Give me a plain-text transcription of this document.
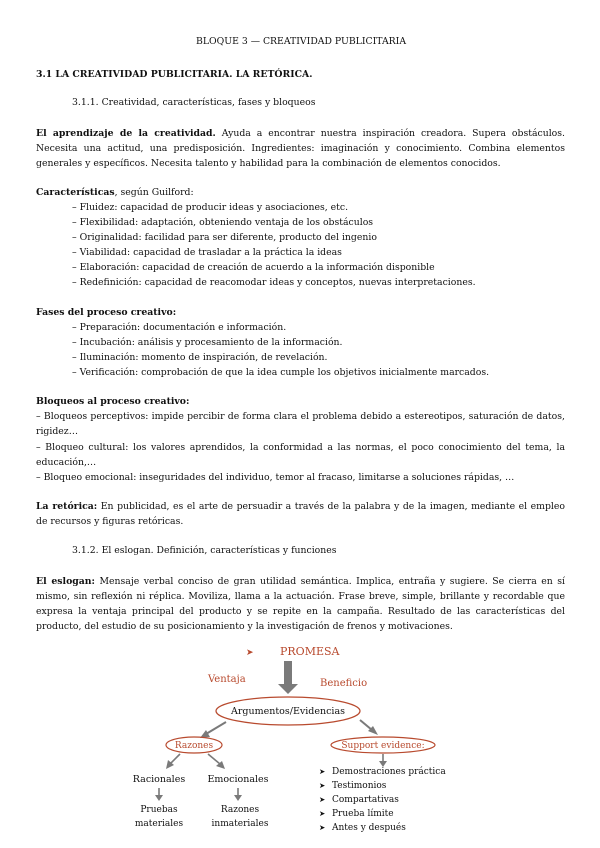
BLOQUE 3 — CREATIVIDAD PUBLICITARIA
3.1 LA CREATIVIDAD PUBLICITARIA. LA RETÓRICA.
3.1.1. Creatividad, características, fases y bloqueos
El aprendizaje de la creatividad. Ayuda a encontrar nuestra inspiración creadora. Supera obstáculos. Necesita una actitud, una predisposición. Ingredientes: imaginación y conocimiento. Combina elementos generales y específicos. Necesita talento y habilidad para la combinación de elementos conocidos.
Características, según Guilford:
– Fluidez: capacidad de producir ideas y asociaciones, etc.
– Flexibilidad: adaptación, obteniendo ventaja de los obstáculos
– Originalidad: facilidad para ser diferente, producto del ingenio
– Viabilidad: capacidad de trasladar a la práctica la ideas
– Elaboración: capacidad de creación de acuerdo a la información disponible
– Redefinición: capacidad de reacomodar ideas y conceptos, nuevas interpretaciones.
Fases del proceso creativo:
– Preparación: documentación e información.
– Incubación: análisis y procesamiento de la información.
– Iluminación: momento de inspiración, de revelación.
– Verificación: comprobación de que la idea cumple los objetivos inicialmente marcados.
Bloqueos al proceso creativo:
– Bloqueos perceptivos: impide percibir de forma clara el problema debido a estereotipos, saturación de datos, rigidez…
– Bloqueo cultural: los valores aprendidos, la conformidad a las normas, el poco conocimiento del tema, la educación,…
– Bloqueo emocional: inseguridades del individuo, temor al fracaso, limitarse a soluciones rápidas, …
La retórica: En publicidad, es el arte de persuadir a través de la palabra y de la imagen, mediante el empleo de recursos y figuras retóricas.
3.1.2. El eslogan. Definición, características y funciones
El eslogan: Mensaje verbal conciso de gran utilidad semántica. Implica, entraña y sugiere. Se cierra en sí mismo, sin reflexión ni réplica. Moviliza, llama a la actuación. Frase breve, simple, brillante y recordable que expresa la ventaja principal del producto y se repite en la campaña. Resultado de las características del producto, del estudio de su posicionamiento y la investigación de frenos y motivaciones.
➤ PROMESA
Ventaja	Beneficio
Argumentos/Evidencias
Razones	Support evidence:
Racionales Emocionales
Pruebas
materiales
Razones
inmateriales
➤ Demostraciones práctica
➤ Testimonios
➤ Compartativas
➤ Prueba límite
➤ Antes y después
